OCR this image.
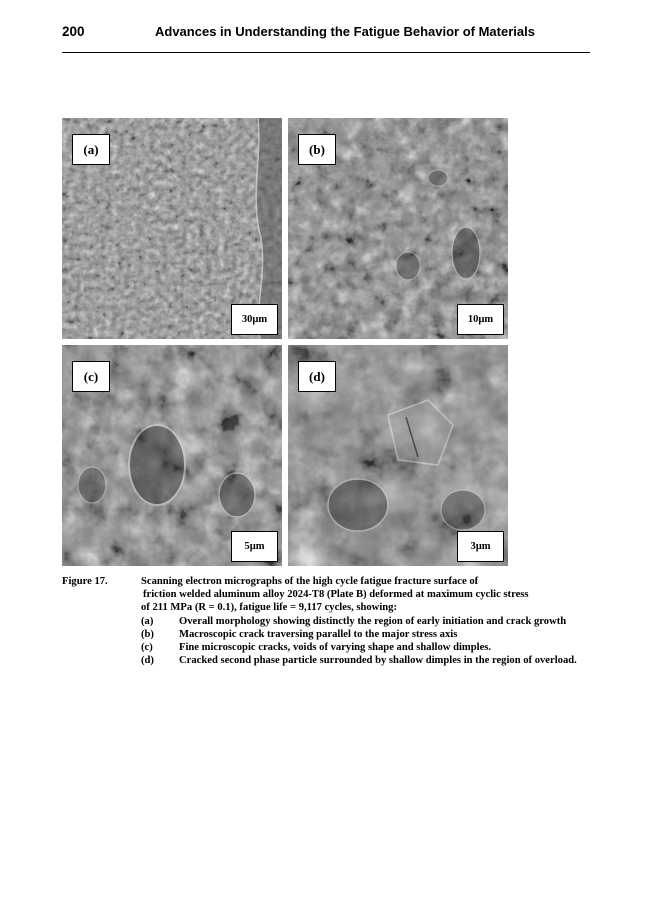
200	Advances in Understanding the Fatigue Behavior of Materials
(a)
30µm
(b)
10µm
(c)
5µm
(d)
3µm
Figure 17.	Scanning electron micrographs of the high cycle fatigue fracture surface of
friction welded aluminum alloy 2024-T8 (Plate B) deformed at maximum cyclic stress
of 211 MPa (R = 0.1), fatigue life = 9,117 cycles, showing:
(a) Overall morphology showing distinctly the region of early initiation and crack growth
(b) Macroscopic crack traversing parallel to the major stress axis
(c) Fine microscopic cracks, voids of varying shape and shallow dimples.
(d) Cracked second phase particle surrounded by shallow dimples in the region of overload.
